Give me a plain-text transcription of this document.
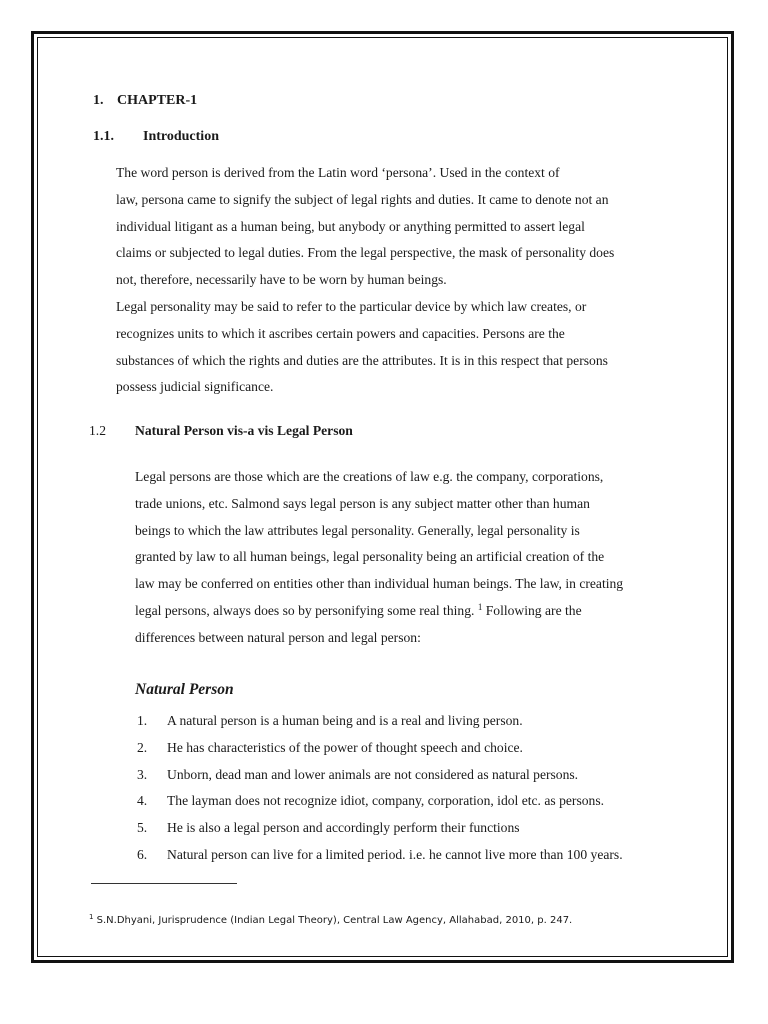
1. CHAPTER-1
1.1. Introduction
The word person is derived from the Latin word ‘persona’. Used in the context of
law, persona came to signify the subject of legal rights and duties. It came to denote not an
individual litigant as a human being, but anybody or anything permitted to assert legal
claims or subjected to legal duties. From the legal perspective, the mask of personality does
not, therefore, necessarily have to be worn by human beings.
Legal personality may be said to refer to the particular device by which law creates, or
recognizes units to which it ascribes certain powers and capacities. Persons are the
substances of which the rights and duties are the attributes. It is in this respect that persons
possess judicial significance.
1.2 Natural Person vis-a vis Legal Person
Legal persons are those which are the creations of law e.g. the company, corporations,
trade unions, etc. Salmond says legal person is any subject matter other than human
beings to which the law attributes legal personality. Generally, legal personality is
granted by law to all human beings, legal personality being an artificial creation of the
law may be conferred on entities other than individual human beings. The law, in creating
legal persons, always does so by personifying some real thing. $^1$ Following are the
differences between natural person and legal person:
Natural Person
1. A natural person is a human being and is a real and living person.
2. He has characteristics of the power of thought speech and choice.
3. Unborn, dead man and lower animals are not considered as natural persons.
4. The layman does not recognize idiot, company, corporation, idol etc. as persons.
5. He is also a legal person and accordingly perform their functions
6. Natural person can live for a limited period. i.e. he cannot live more than 100 years.
$^1$ S.N.Dhyani, Jurisprudence (Indian Legal Theory), Central Law Agency, Allahabad, 2010, p. 247.
